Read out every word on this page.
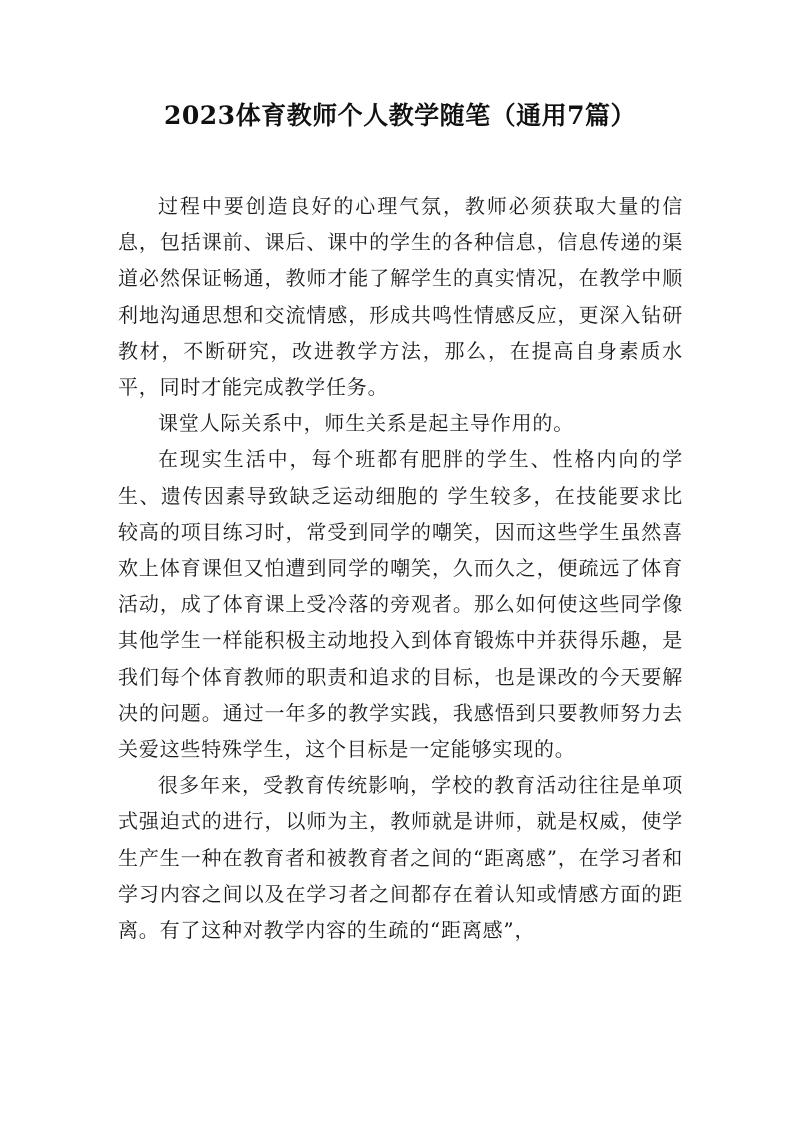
2023体育教师个人教学随笔（通用7篇）

过程中要创造良好的心理气氛，教师必须获取大量的信息，包括课前、课后、课中的学生的各种信息，信息传递的渠道必然保证畅通，教师才能了解学生的真实情况，在教学中顺利地沟通思想和交流情感，形成共鸣性情感反应，更深入钻研教材，不断研究，改进教学方法，那么，在提高自身素质水平，同时才能完成教学任务。

课堂人际关系中，师生关系是起主导作用的。

在现实生活中，每个班都有肥胖的学生、性格内向的学生、遗传因素导致缺乏运动细胞的 学生较多，在技能要求比较高的项目练习时，常受到同学的嘲笑，因而这些学生虽然喜欢上体育课但又怕遭到同学的嘲笑，久而久之，便疏远了体育活动，成了体育课上受冷落的旁观者。那么如何使这些同学像其他学生一样能积极主动地投入到体育锻炼中并获得乐趣，是我们每个体育教师的职责和追求的目标，也是课改的今天要解决的问题。通过一年多的教学实践，我感悟到只要教师努力去关爱这些特殊学生，这个目标是一定能够实现的。

很多年来，受教育传统影响，学校的教育活动往往是单项式强迫式的进行，以师为主，教师就是讲师，就是权威，使学生产生一种在教育者和被教育者之间的“距离感”，在学习者和学习内容之间以及在学习者之间都存在着认知或情感方面的距离。有了这种对教学内容的生疏的“距离感”，
